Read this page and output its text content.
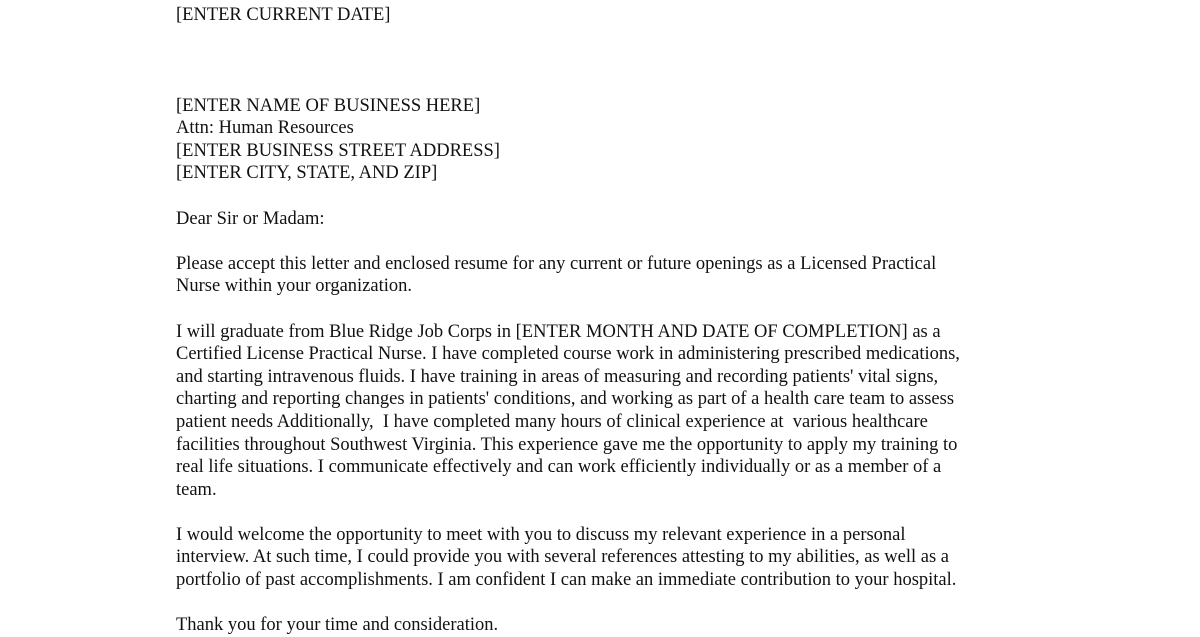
[ENTER CURRENT DATE]
[ENTER NAME OF BUSINESS HERE]
Attn: Human Resources
[ENTER BUSINESS STREET ADDRESS]
[ENTER CITY, STATE, AND ZIP]
Dear Sir or Madam:
Please accept this letter and enclosed resume for any current or future openings as a Licensed Practical
Nurse within your organization.
I will graduate from Blue Ridge Job Corps in [ENTER MONTH AND DATE OF COMPLETION] as a
Certified License Practical Nurse. I have completed course work in administering prescribed medications,
and starting intravenous fluids. I have training in areas of measuring and recording patients' vital signs,
charting and reporting changes in patients' conditions, and working as part of a health care team to assess
patient needs Additionally,  I have completed many hours of clinical experience at  various healthcare
facilities throughout Southwest Virginia. This experience gave me the opportunity to apply my training to
real life situations. I communicate effectively and can work efficiently individually or as a member of a
team.
I would welcome the opportunity to meet with you to discuss my relevant experience in a personal
interview. At such time, I could provide you with several references attesting to my abilities, as well as a
portfolio of past accomplishments. I am confident I can make an immediate contribution to your hospital.
Thank you for your time and consideration.
